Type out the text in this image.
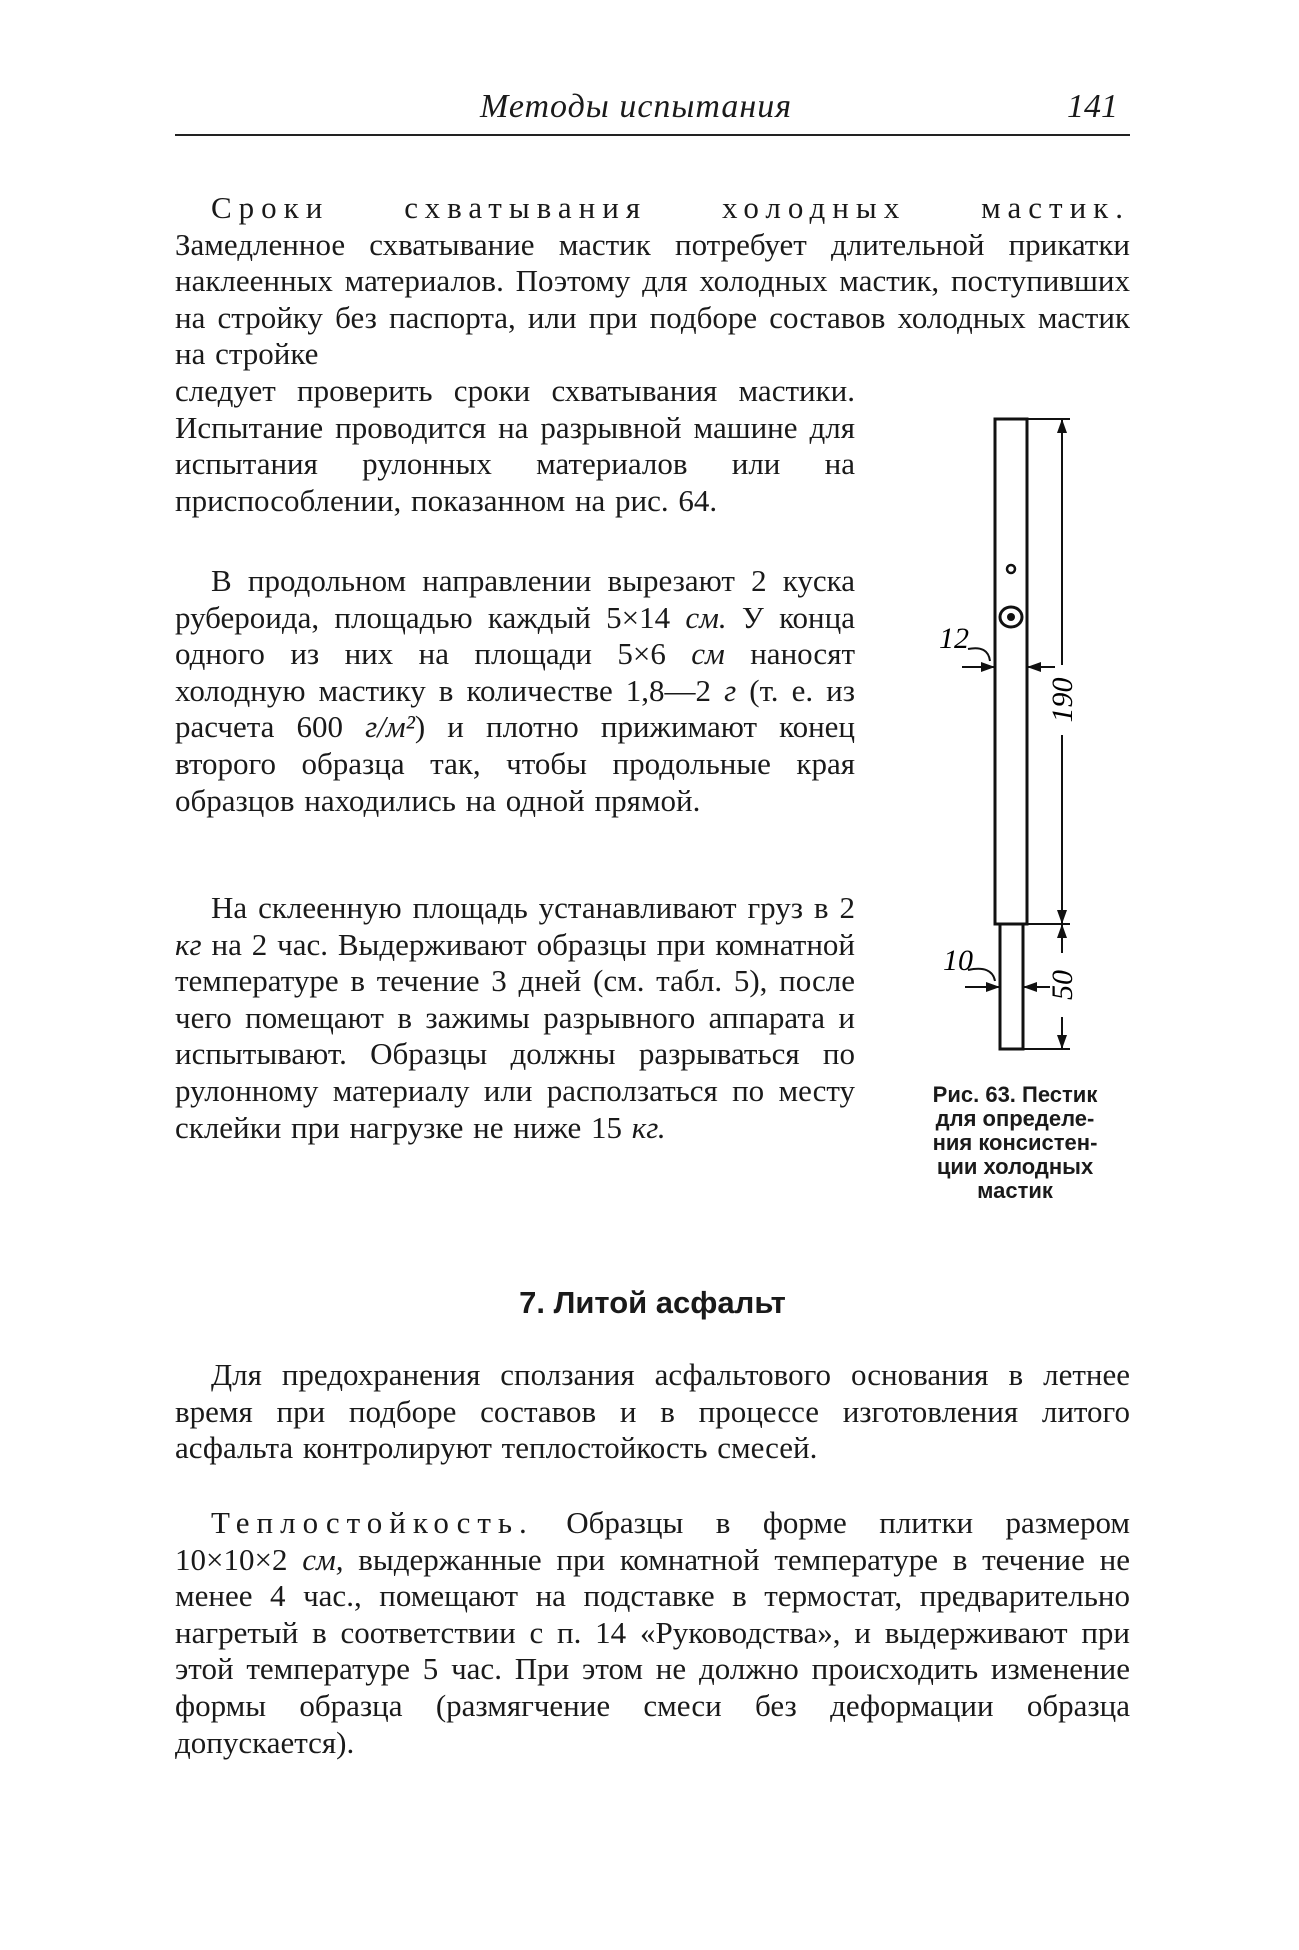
Методы испытания	141

Сроки схватывания холодных мастик. Замедленное схватывание мастик потребует длительной прикатки наклеенных материалов. Поэтому для холодных мастик, поступивших на стройку без паспорта, или при подборе составов холодных мастик на стройке

следует проверить сроки схватывания мастики. Испытание проводится на разрывной машине для испытания рулонных материалов или на приспособлении, показанном на рис. 64.

В продольном направлении вырезают 2 куска рубероида, площадью каждый 5×14 см. У конца одного из них на площади 5×6 см наносят холодную мастику в количестве 1,8—2 г (т. е. из расчета 600 г/м²) и плотно прижимают конец второго образца так, чтобы продольные края образцов находились на одной прямой.

На склеенную площадь устанавливают груз в 2 кг на 2 час. Выдерживают образцы при комнатной температуре в течение 3 дней (см. табл. 5), после чего помещают в зажимы разрывного аппарата и испытывают. Образцы должны разрываться по рулонному материалу или расползаться по месту склейки при нагрузке не ниже 15 кг.

190
50
12
10

Рис. 63. Пестик
для определе-
ния консистен-
ции холодных
мастик

7. Литой асфальт

Для предохранения сползания асфальтового основания в летнее время при подборе составов и в процессе изготовления литого асфальта контролируют теплостойкость смесей.

Теплостойкость. Образцы в форме плитки размером 10×10×2 см, выдержанные при комнатной температуре в течение не менее 4 час., помещают на подставке в термостат, предварительно нагретый в соответствии с п. 14 «Руководства», и выдерживают при этой температуре 5 час. При этом не должно происходить изменение формы образца (размягчение смеси без деформации образца допускается).
